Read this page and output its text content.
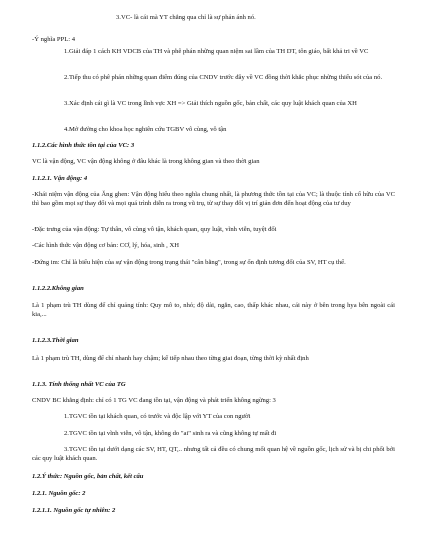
3.VC- là cái mà YT chẳng qua chỉ là sự phản ánh nó.

-Ý nghĩa PPL: 4

1.Giải đáp 1 cách KH VDCB của TH và phê phán những quan niệm sai lầm của TH DT, tôn giáo, bất khả tri về VC

2.Tiếp thu có phê phán những quan điểm đúng của CNDV trước đây về VC đồng thời khắc phục những thiếu sót của nó.

3.Xác định cái gì là VC trong lĩnh vực XH => Giải thích nguồn gốc, bản chất, các quy luật khách quan của XH

4.Mở đường cho khoa học nghiên cứu TGBV vô cùng, vô tận

1.1.2.Các hình thức tồn tại của VC: 3

VC là vận động, VC vận động không ở đâu khác là trong không gian và theo thời gian

1.1.2.1. Vận động: 4

-Khái niệm vận động của Ăng ghen: Vận động hiểu theo nghĩa chung nhất, là phương thức tồn tại của VC; là thuộc tính cố hữu của VC thì bao gồm mọi sự thay đổi và mọi quá trình diễn ra trong vũ trụ, từ sự thay đổi vị trí giản đơn đến hoạt động của tư duy

-Đặc trưng của vận động: Tự thân, vô cùng vô tận, khách quan, quy luật, vĩnh viễn, tuyệt đối

-Các hình thức vận động cơ bản: CƠ, lý, hóa, sinh , XH

-Đứng im: Chỉ là biểu hiện của sự vận động trong trạng thái "cân bằng", trong sự ổn định tương đối của SV, HT cụ thể.

1.1.2.2.Không gian

Là 1 phạm trù TH dùng để chỉ quảng tính: Quy mô to, nhỏ; độ dài, ngắn, cao, thấp khác nhau, cái này ở bên trong hya bên ngoài cái kia,...

1.1.2.3.Thời gian

Là 1 phạm trù TH, dùng để chỉ nhanh hay chậm; kế tiếp nhau theo từng giai đoạn, từng thời kỳ nhất định

1.1.3. Tính thống nhất VC của TG

CNDV BC khẳng định: chỉ có 1 TG VC đang tồn tại, vận động và phát triển không ngừng: 3

1.TGVC tồn tại khách quan, có trước và độc lập với YT của con người

2.TGVC tồn tại vĩnh viễn, vô tận, không do "ai" sinh ra và cũng không tự mất đi

3.TGVC tồn tại dưới dạng các SV, HT, QT,.. nhưng tất cả đều có chung mối quan hệ về nguồn gốc, lịch sử và bị chi phối bởi các quy luật khách quan.

1.2.Ý thức: Nguồn gốc, bản chất, kết cấu

1.2.1. Nguồn gốc: 2

1.2.1.1. Nguồn gốc tự nhiên: 2
